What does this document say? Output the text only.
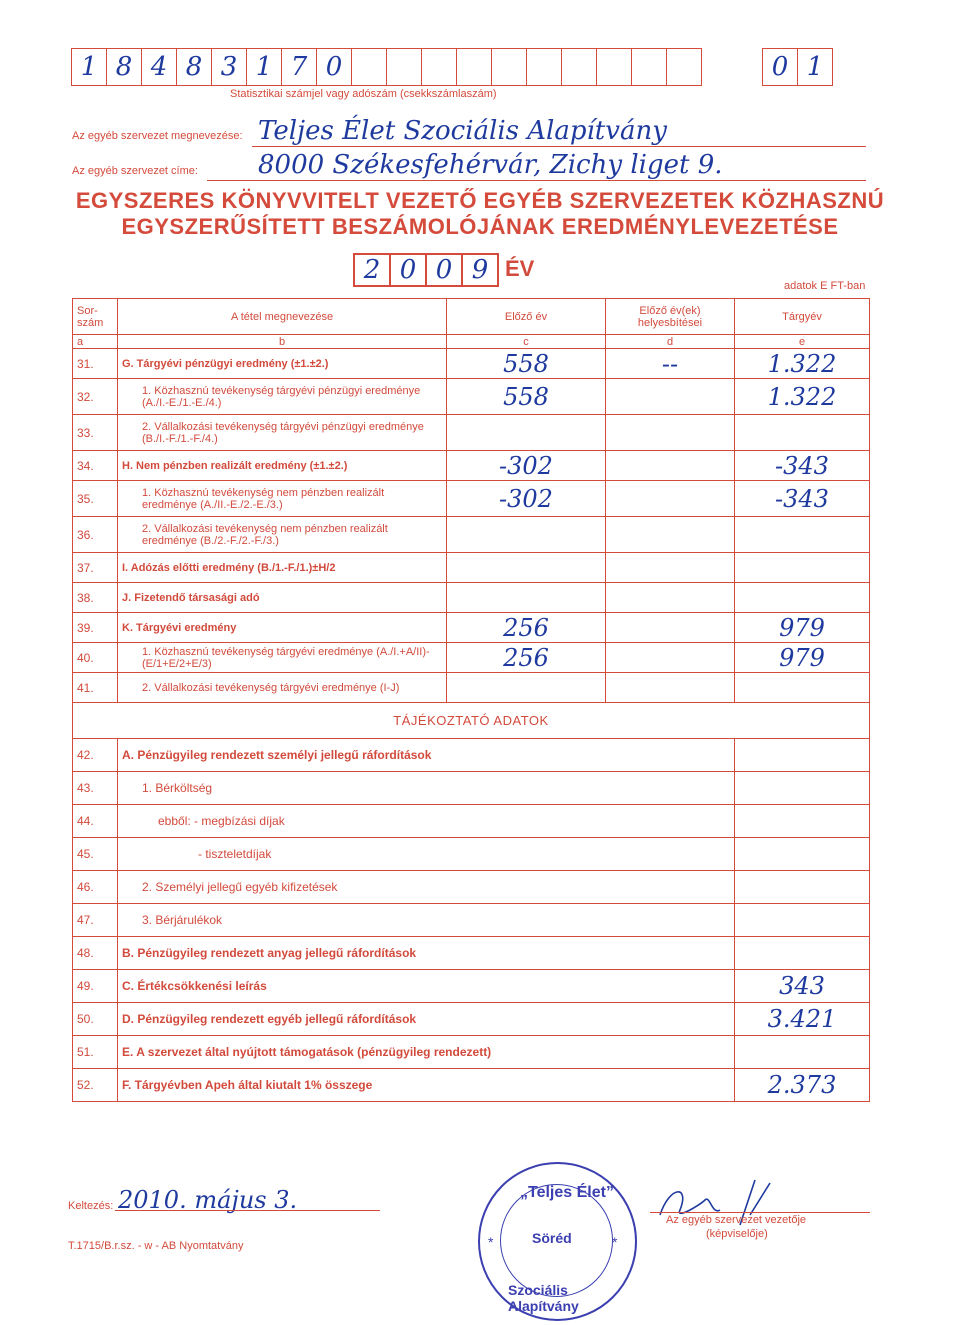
1 8 4 8 3 1 7 0	0 1
Statisztikai számjel vagy adószám (csekkszámlaszám)
Az egyéb szervezet megnevezése: Teljes Élet Szociális Alapítvány
Az egyéb szervezet címe: 8000 Székesfehérvár, Zichy liget 9.
EGYSZERES KÖNYVVITELT VEZETŐ EGYÉB SZERVEZETEK KÖZHASZNÚ
EGYSZERŰSÍTETT BESZÁMOLÓJÁNAK EREDMÉNYLEVEZETÉSE
2 0 0 9 ÉV
adatok E FT-ban
Sor-
szám	A tétel megnevezése	Előző év	Előző év(ek)
helyesbítései	Tárgyév
a	b	c	d	e
31.	G. Tárgyévi pénzügyi eredmény (±1.±2.)	558	--	1.322
32.	1. Közhasznú tevékenység tárgyévi pénzügyi eredménye (A./I.-E./1.-E./4.)	558		1.322
33.	2. Vállalkozási tevékenység tárgyévi pénzügyi eredménye (B./I.-F./1.-F./4.)			
34.	H. Nem pénzben realizált eredmény (±1.±2.)	-302		-343
35.	1. Közhasznú tevékenység nem pénzben realizált eredménye (A./II.-E./2.-E./3.)	-302		-343
36.	2. Vállalkozási tevékenység nem pénzben realizált eredménye (B./2.-F./2.-F./3.)			
37.	I. Adózás előtti eredmény (B./1.-F./1.)±H/2			
38.	J. Fizetendő társasági adó			
39.	K. Tárgyévi eredmény	256		979
40.	1. Közhasznú tevékenység tárgyévi eredménye (A./I.+A/II)-(E/1+E/2+E/3)	256		979
41.	2. Vállalkozási tevékenység tárgyévi eredménye (I-J)			
TÁJÉKOZTATÓ ADATOK				
42.	A. Pénzügyileg rendezett személyi jellegű ráfordítások			
43.	1. Bérköltség			
44.	ebből: - megbízási díjak			
45.	- tiszteletdíjak			
46.	2. Személyi jellegű egyéb kifizetések			
47.	3. Bérjárulékok			
48.	B. Pénzügyileg rendezett anyag jellegű ráfordítások			
49.	C. Értékcsökkenési leírás			343
50.	D. Pénzügyileg rendezett egyéb jellegű ráfordítások			3.421
51.	E. A szervezet által nyújtott támogatások (pénzügyileg rendezett)			
52.	F. Tárgyévben Apeh által kiutalt 1% összege			2.373
Keltezés: 2010. május 3.
T.1715/B.r.sz. - w - AB Nyomtatvány
„Teljes Élet”
*	Söréd	*
Szociális Alapítvány
Az egyéb szervezet vezetője
(képviselője)
